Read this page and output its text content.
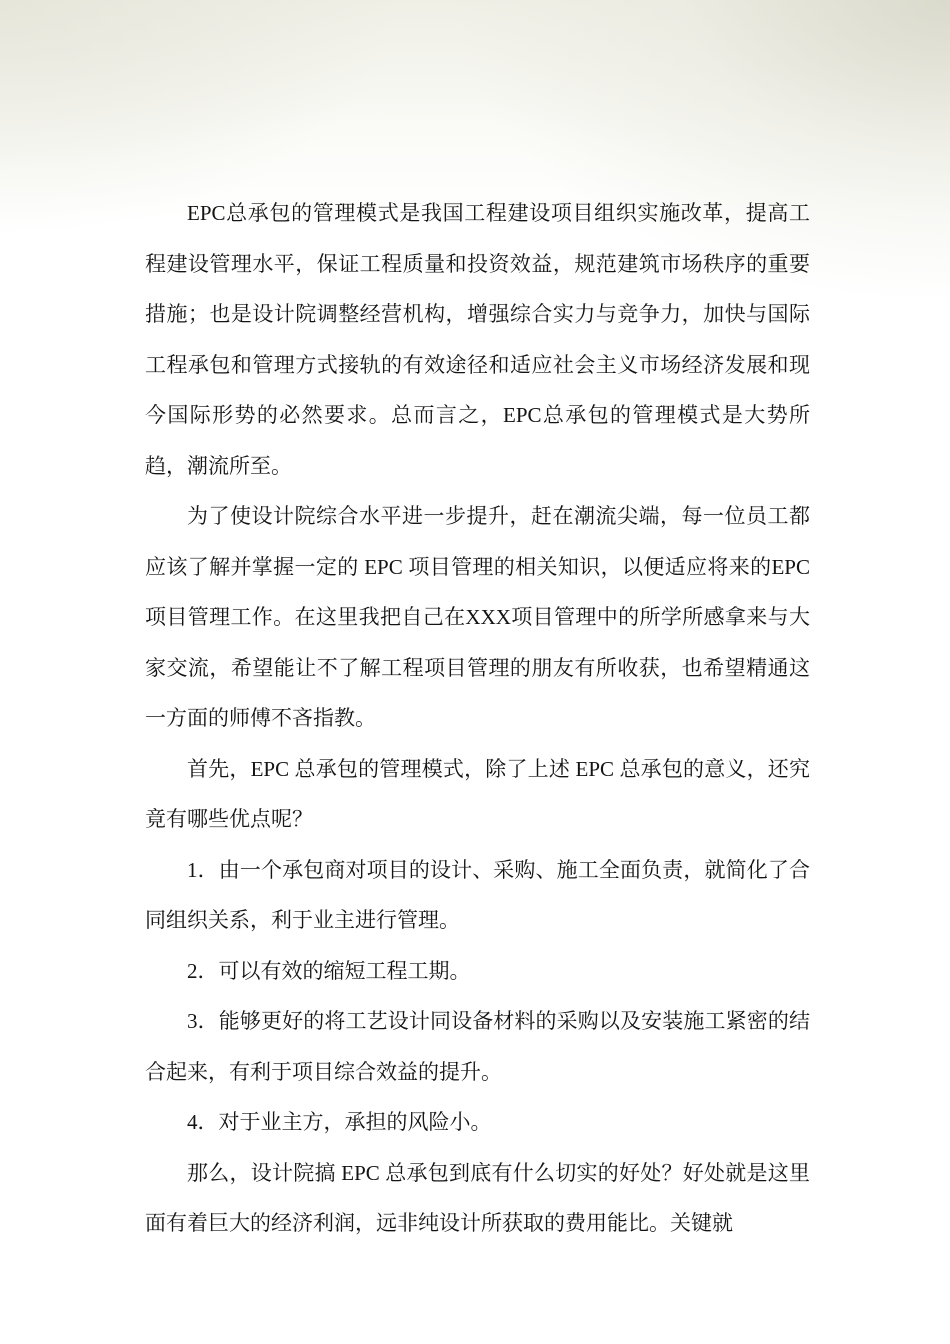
EPC总承包的管理模式是我国工程建设项目组织实施改革，提高工程建设管理水平，保证工程质量和投资效益，规范建筑市场秩序的重要措施；也是设计院调整经营机构，增强综合实力与竞争力，加快与国际工程承包和管理方式接轨的有效途径和适应社会主义市场经济发展和现今国际形势的必然要求。总而言之，EPC总承包的管理模式是大势所趋，潮流所至。

为了使设计院综合水平进一步提升，赶在潮流尖端，每一位员工都应该了解并掌握一定的 EPC 项目管理的相关知识，以便适应将来的EPC项目管理工作。在这里我把自己在XXX项目管理中的所学所感拿来与大家交流，希望能让不了解工程项目管理的朋友有所收获，也希望精通这一方面的师傅不吝指教。

首先，EPC 总承包的管理模式，除了上述 EPC 总承包的意义，还究竟有哪些优点呢？

1．由一个承包商对项目的设计、采购、施工全面负责，就简化了合同组织关系，利于业主进行管理。

2．可以有效的缩短工程工期。

3．能够更好的将工艺设计同设备材料的采购以及安装施工紧密的结合起来，有利于项目综合效益的提升。

4．对于业主方，承担的风险小。

那么，设计院搞 EPC 总承包到底有什么切实的好处？好处就是这里面有着巨大的经济利润，远非纯设计所获取的费用能比。关键就
